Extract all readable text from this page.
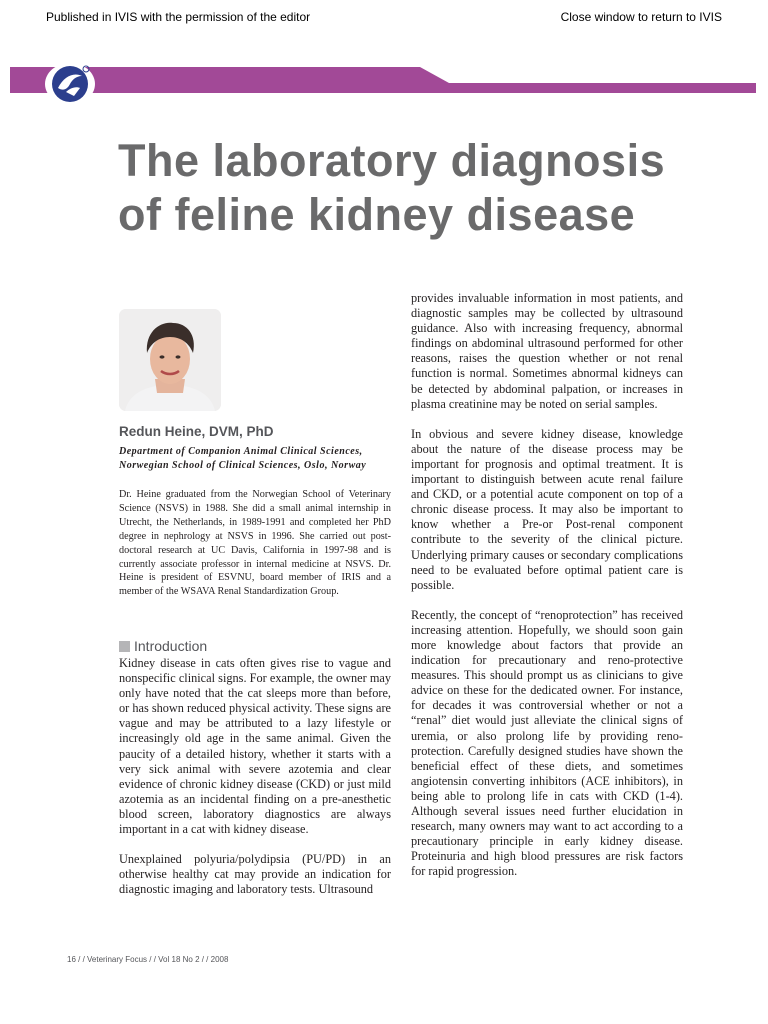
Published in IVIS with the permission of the editor	Close window to return to IVIS
The laboratory diagnosis
of feline kidney disease
Redun Heine, DVM, PhD

Department of Companion Animal Clinical Sciences, Norwegian School of Clinical Sciences, Oslo, Norway

Dr. Heine graduated from the Norwegian School of Veterinary Science (NSVS) in 1988. She did a small animal internship in Utrecht, the Netherlands, in 1989-1991 and completed her PhD degree in nephrology at NSVS in 1996. She carried out post-doctoral research at UC Davis, California in 1997-98 and is currently associate professor in internal medicine at NSVS. Dr. Heine is president of ESVNU, board member of IRIS and a member of the WSAVA Renal Standardization Group.

Introduction

Kidney disease in cats often gives rise to vague and nonspecific clinical signs. For example, the owner may only have noted that the cat sleeps more than before, or has shown reduced physical activity. These signs are vague and may be attributed to a lazy lifestyle or increasingly old age in the same animal. Given the paucity of a detailed history, whether it starts with a very sick animal with severe azotemia and clear evidence of chronic kidney disease (CKD) or just mild azotemia as an incidental finding on a pre-anesthetic blood screen, laboratory diagnostics are always important in a cat with kidney disease.

Unexplained polyuria/polydipsia (PU/PD) in an otherwise healthy cat may provide an indication for diagnostic imaging and laboratory tests. Ultrasound

provides invaluable information in most patients, and diagnostic samples may be collected by ultrasound guidance. Also with increasing frequency, abnormal findings on abdominal ultrasound performed for other reasons, raises the question whether or not renal function is normal. Sometimes abnormal kidneys can be detected by abdominal palpation, or increases in plasma creatinine may be noted on serial samples.

In obvious and severe kidney disease, knowledge about the nature of the disease process may be important for prognosis and optimal treatment. It is important to distinguish between acute renal failure and CKD, or a potential acute component on top of a chronic disease process. It may also be important to know whether a Pre-or Post-renal component contribute to the severity of the clinical picture. Underlying primary causes or secondary complications need to be evaluated before optimal patient care is possible.

Recently, the concept of “renoprotection” has received increasing attention. Hopefully, we should soon gain more knowledge about factors that provide an indication for precautionary and reno-protective measures. This should prompt us as clinicians to give advice on these for the dedicated owner. For instance, for decades it was controversial whether or not a “renal” diet would just alleviate the clinical signs of uremia, or also prolong life by providing reno-protection. Carefully designed studies have shown the beneficial effect of these diets, and sometimes angiotensin converting inhibitors (ACE inhibitors), in being able to prolong life in cats with CKD (1-4). Although several issues need further elucidation in research, many owners may want to act according to a precautionary principle in early kidney disease. Proteinuria and high blood pressures are risk factors for rapid progression.

16 / / Veterinary Focus / / Vol 18 No 2 / / 2008
